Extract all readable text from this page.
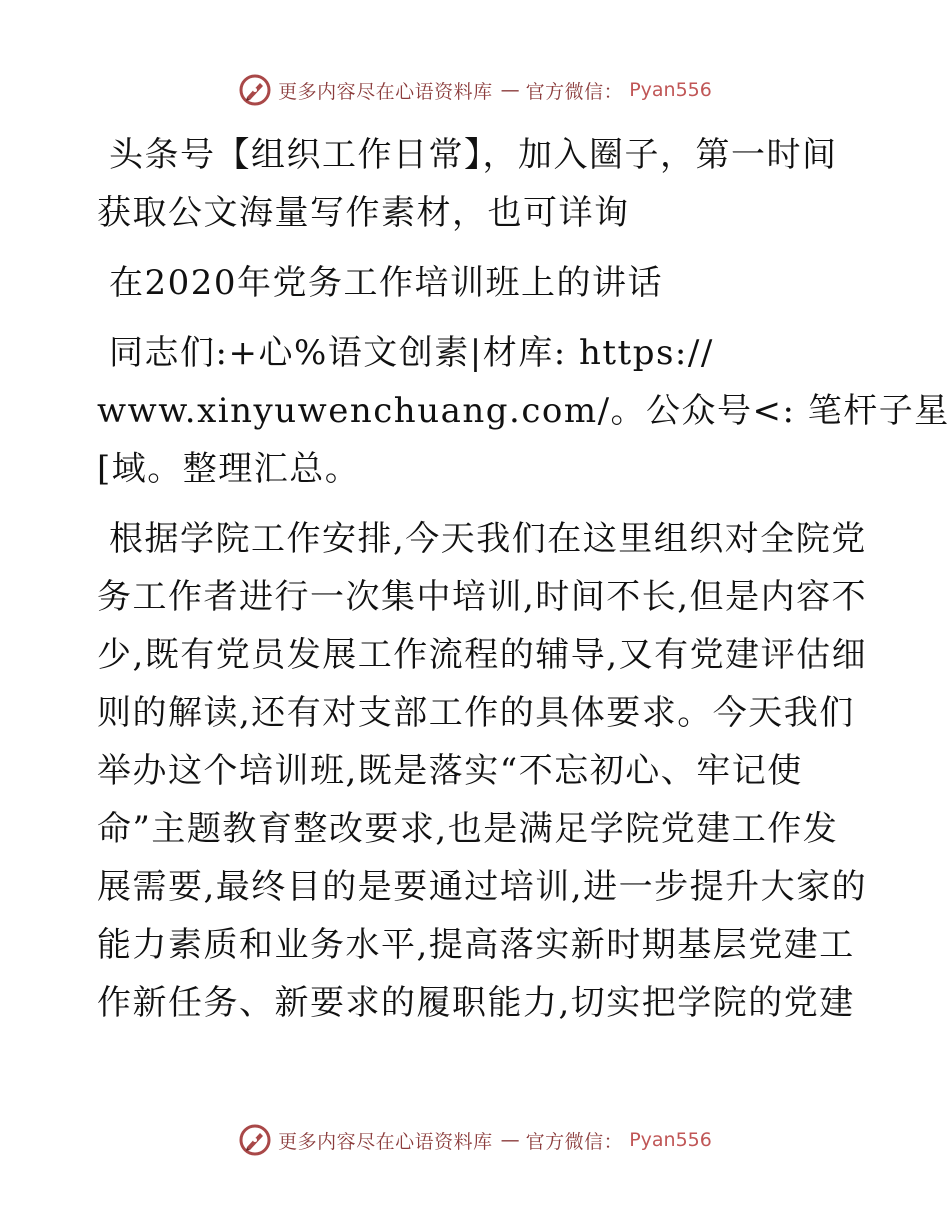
更多内容尽在心语资料库 — 官方微信： Pyan556
头条号【组织工作日常】，加入圈子，第一时间
获取公文海量写作素材，也可详询
在2020年党务工作培训班上的讲话
同志们:+心%语文创素|材库: https://
www.xinyuwenchuang.com/。公众号<: 笔杆子星
[域。整理汇总。
根据学院工作安排,今天我们在这里组织对全院党
务工作者进行一次集中培训,时间不长,但是内容不
少,既有党员发展工作流程的辅导,又有党建评估细
则的解读,还有对支部工作的具体要求。今天我们
举办这个培训班,既是落实“不忘初心、牢记使
命”主题教育整改要求,也是满足学院党建工作发
展需要,最终目的是要通过培训,进一步提升大家的
能力素质和业务水平,提高落实新时期基层党建工
作新任务、新要求的履职能力,切实把学院的党建
更多内容尽在心语资料库 — 官方微信： Pyan556
